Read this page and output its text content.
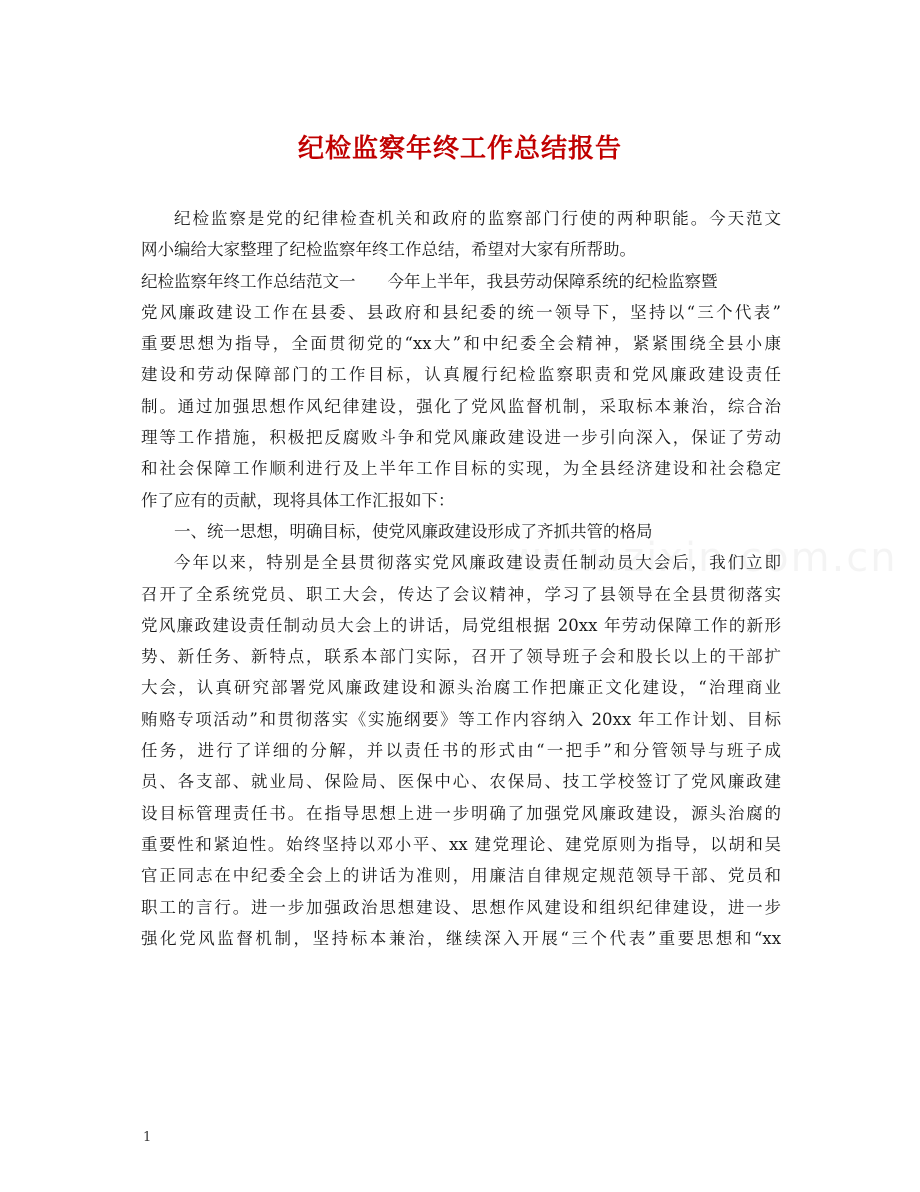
纪检监察年终工作总结报告
纪检监察是党的纪律检查机关和政府的监察部门行使的两种职能。今天范文
网小编给大家整理了纪检监察年终工作总结，希望对大家有所帮助。
纪检监察年终工作总结范文一 今年上半年，我县劳动保障系统的纪检监察暨
党风廉政建设工作在县委、县政府和县纪委的统一领导下，坚持以“三个代表”
重要思想为指导，全面贯彻党的“xx大”和中纪委全会精神，紧紧围绕全县小康
建设和劳动保障部门的工作目标，认真履行纪检监察职责和党风廉政建设责任
制。通过加强思想作风纪律建设，强化了党风监督机制，采取标本兼治，综合治
理等工作措施，积极把反腐败斗争和党风廉政建设进一步引向深入，保证了劳动
和社会保障工作顺利进行及上半年工作目标的实现，为全县经济建设和社会稳定
作了应有的贡献，现将具体工作汇报如下：
一、统一思想，明确目标，使党风廉政建设形成了齐抓共管的格局
今年以来，特别是全县贯彻落实党风廉政建设责任制动员大会后，我们立即
召开了全系统党员、职工大会，传达了会议精神，学习了县领导在全县贯彻落实
党风廉政建设责任制动员大会上的讲话，局党组根据 20xx 年劳动保障工作的新形
势、新任务、新特点，联系本部门实际，召开了领导班子会和股长以上的干部扩
大会，认真研究部署党风廉政建设和源头治腐工作把廉正文化建设，“治理商业
贿赂专项活动”和贯彻落实《实施纲要》等工作内容纳入 20xx 年工作计划、目标
任务，进行了详细的分解，并以责任书的形式由“一把手”和分管领导与班子成
员、各支部、就业局、保险局、医保中心、农保局、技工学校签订了党风廉政建
设目标管理责任书。在指导思想上进一步明确了加强党风廉政建设，源头治腐的
重要性和紧迫性。始终坚持以邓小平、xx 建党理论、建党原则为指导，以胡和吴
官正同志在中纪委全会上的讲话为准则，用廉洁自律规定规范领导干部、党员和
职工的言行。进一步加强政治思想建设、思想作风建设和组织纪律建设，进一步
强化党风监督机制，坚持标本兼治，继续深入开展“三个代表”重要思想和“xx
1
